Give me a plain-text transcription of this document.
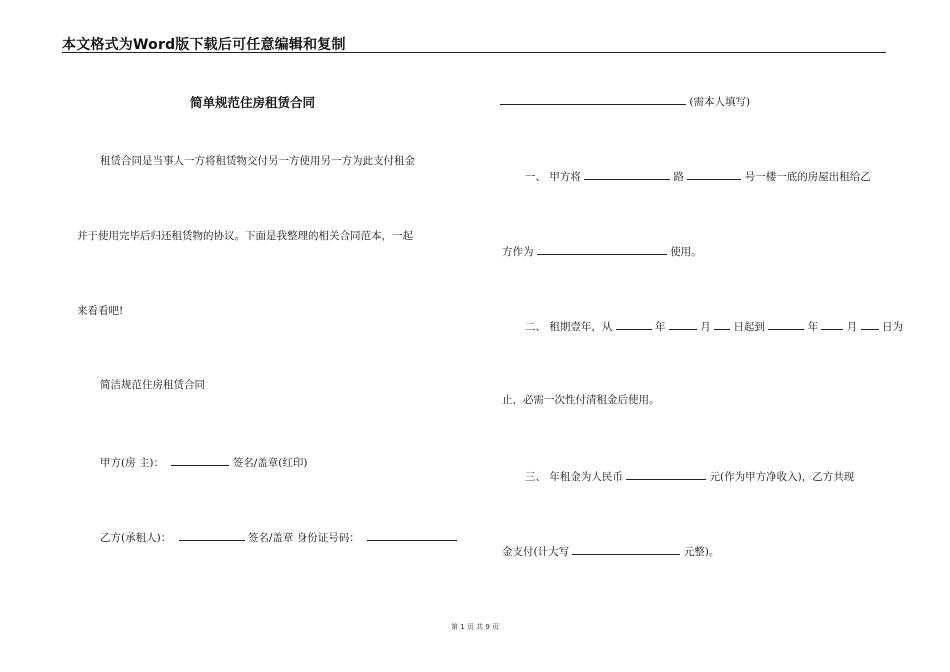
本文格式为Word版下载后可任意编辑和复制
简单规范住房租赁合同
租赁合同是当事人一方将租赁物交付另一方使用另一方为此支付租金
并于使用完毕后归还租赁物的协议。下面是我整理的相关合同范本，一起
来看看吧!
简洁规范住房租赁合同
甲方(房 主)：	签名/盖章(红印)
乙方(承租人)：	签名/盖章 身份证号码：
(需本人填写)
一、 甲方将	路	号一楼一底的房屋出租给乙
方作为	使用。
二、 租期壹年，从	年	月 日起到	年	月 日为
止，必需一次性付清租金后使用。
三、 年租金为人民币	元(作为甲方净收入)，乙方共现
金支付(计大写	元整)。
第 1 页 共 9 页
